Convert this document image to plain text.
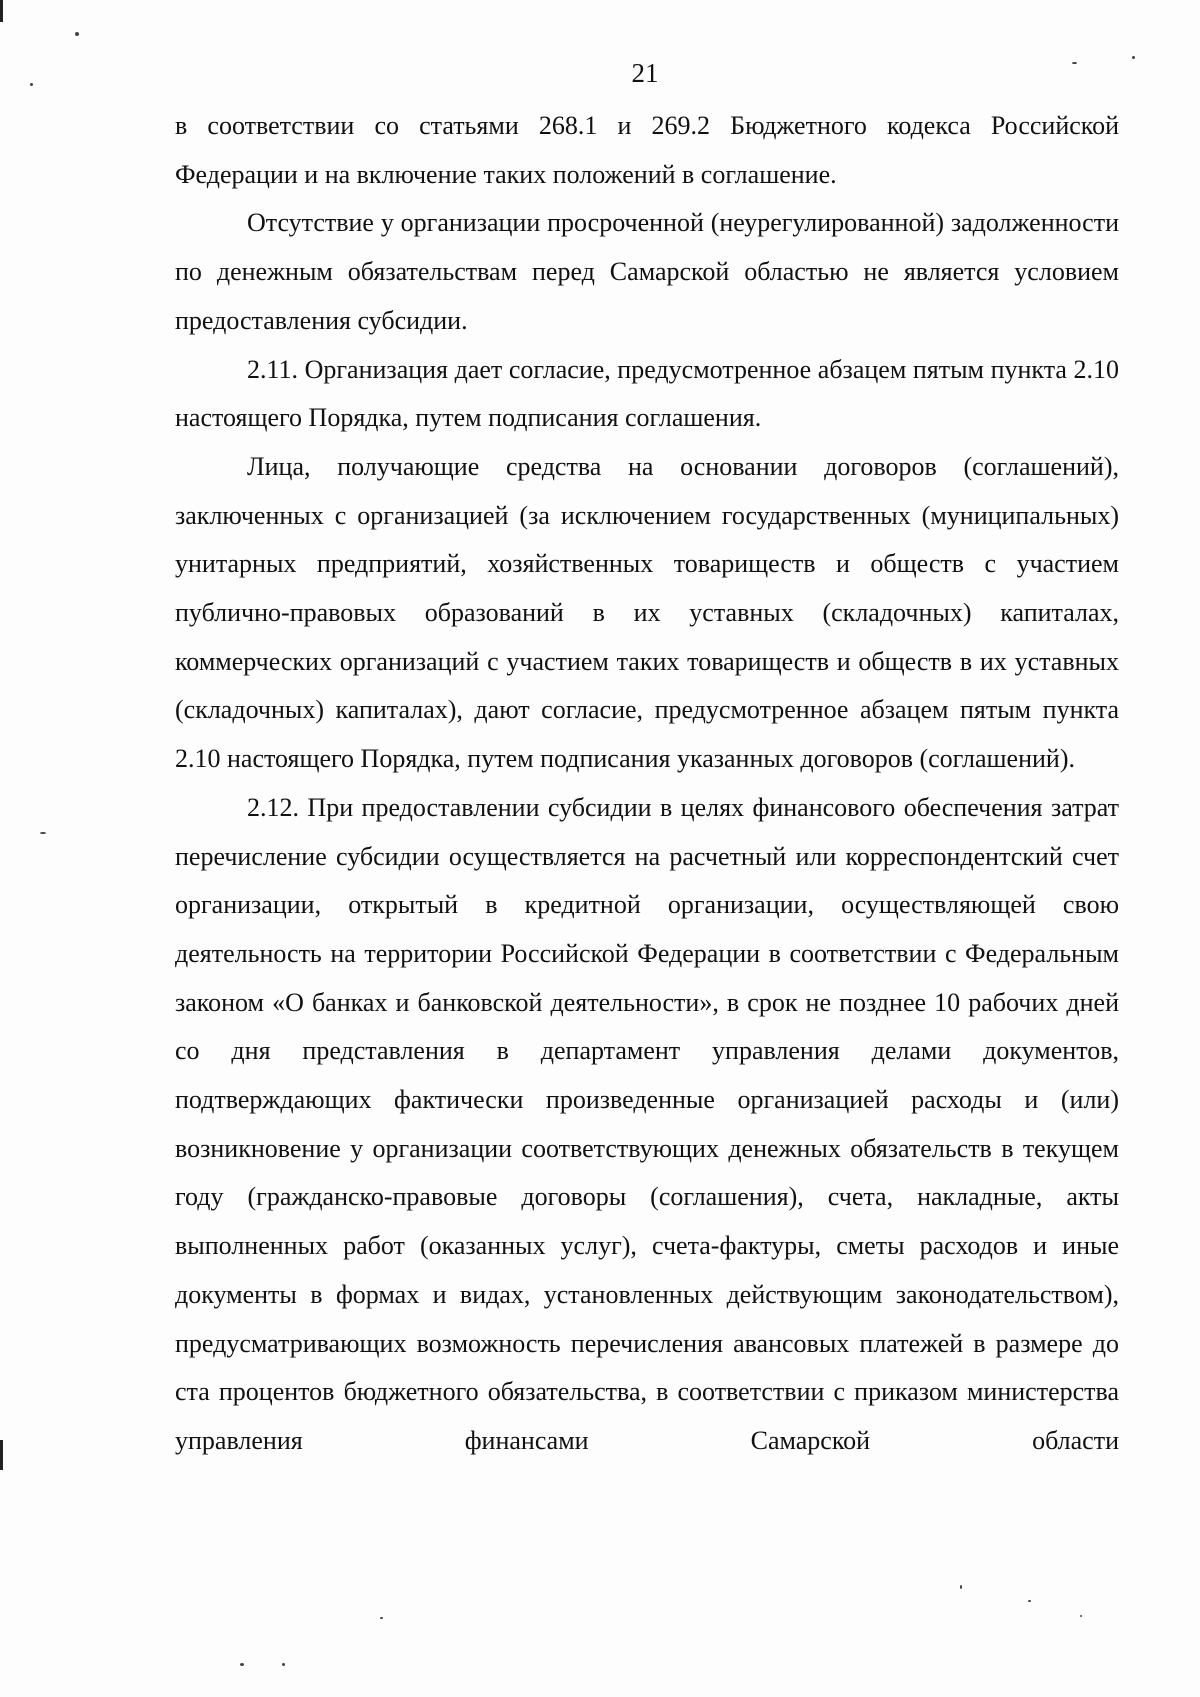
21

в соответствии со статьями 268.1 и 269.2 Бюджетного кодекса Российской Федерации и на включение таких положений в соглашение.

Отсутствие у организации просроченной (неурегулированной) задолженности по денежным обязательствам перед Самарской областью не является условием предоставления субсидии.

2.11. Организация дает согласие, предусмотренное абзацем пятым пункта 2.10 настоящего Порядка, путем подписания соглашения.

Лица, получающие средства на основании договоров (соглашений), заключенных с организацией (за исключением государственных (муниципальных) унитарных предприятий, хозяйственных товариществ и обществ с участием публично-правовых образований в их уставных (складочных) капиталах, коммерческих организаций с участием таких товариществ и обществ в их уставных (складочных) капиталах), дают согласие, предусмотренное абзацем пятым пункта 2.10 настоящего Порядка, путем подписания указанных договоров (соглашений).

2.12. При предоставлении субсидии в целях финансового обеспечения затрат перечисление субсидии осуществляется на расчетный или корреспондентский счет организации, открытый в кредитной организации, осуществляющей свою деятельность на территории Российской Федерации в соответствии с Федеральным законом «О банках и банковской деятельности», в срок не позднее 10 рабочих дней со дня представления в департамент управления делами документов, подтверждающих фактически произведенные организацией расходы и (или) возникновение у организации соответствующих денежных обязательств в текущем году (гражданско-правовые договоры (соглашения), счета, накладные, акты выполненных работ (оказанных услуг), счета-фактуры, сметы расходов и иные документы в формах и видах, установленных действующим законодательством), предусматривающих возможность перечисления авансовых платежей в размере до ста процентов бюджетного обязательства, в соответствии с приказом министерства управления финансами Самарской области
